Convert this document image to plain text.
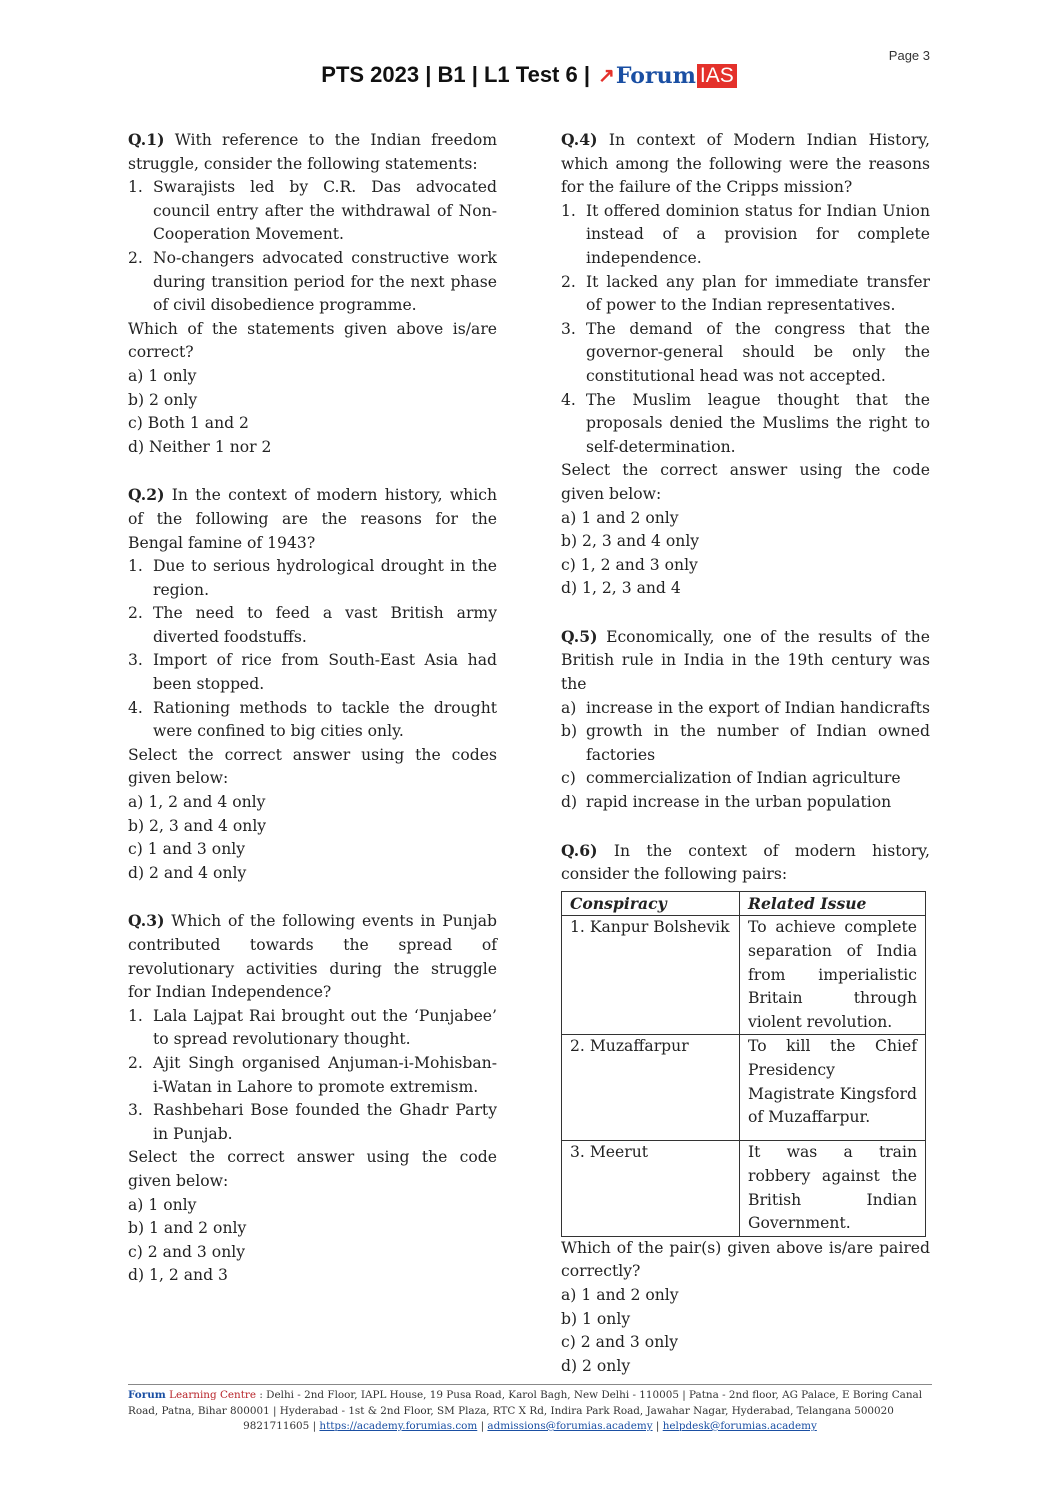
Page 3
PTS 2023 | B1 | L1 Test 6 | ↗ Forum IAS
Q.1) With reference to the Indian freedom struggle, consider the following statements:
1. Swarajists led by C.R. Das advocated council entry after the withdrawal of Non-Cooperation Movement.
2. No-changers advocated constructive work during transition period for the next phase of civil disobedience programme.
Which of the statements given above is/are correct?
a) 1 only
b) 2 only
c) Both 1 and 2
d) Neither 1 nor 2
Q.2) In the context of modern history, which of the following are the reasons for the Bengal famine of 1943?
1. Due to serious hydrological drought in the region.
2. The need to feed a vast British army diverted foodstuffs.
3. Import of rice from South-East Asia had been stopped.
4. Rationing methods to tackle the drought were confined to big cities only.
Select the correct answer using the codes given below:
a) 1, 2 and 4 only
b) 2, 3 and 4 only
c) 1 and 3 only
d) 2 and 4 only
Q.3) Which of the following events in Punjab contributed towards the spread of revolutionary activities during the struggle for Indian Independence?
1. Lala Lajpat Rai brought out the ‘Punjabee’ to spread revolutionary thought.
2. Ajit Singh organised Anjuman-i-Mohisban-i-Watan in Lahore to promote extremism.
3. Rashbehari Bose founded the Ghadr Party in Punjab.
Select the correct answer using the code given below:
a) 1 only
b) 1 and 2 only
c) 2 and 3 only
d) 1, 2 and 3
Q.4) In context of Modern Indian History, which among the following were the reasons for the failure of the Cripps mission?
1. It offered dominion status for Indian Union instead of a provision for complete independence.
2. It lacked any plan for immediate transfer of power to the Indian representatives.
3. The demand of the congress that the governor-general should be only the constitutional head was not accepted.
4. The Muslim league thought that the proposals denied the Muslims the right to self-determination.
Select the correct answer using the code given below:
a) 1 and 2 only
b) 2, 3 and 4 only
c) 1, 2 and 3 only
d) 1, 2, 3 and 4
Q.5) Economically, one of the results of the British rule in India in the 19th century was the
a) increase in the export of Indian handicrafts
b) growth in the number of Indian owned factories
c) commercialization of Indian agriculture
d) rapid increase in the urban population
Q.6) In the context of modern history, consider the following pairs:
Conspiracy	Related Issue
1. Kanpur Bolshevik	To achieve complete separation of India from imperialistic Britain through violent revolution.
2. Muzaffarpur	To kill the Chief Presidency Magistrate Kingsford of Muzaffarpur.
3. Meerut	It was a train robbery against the British Indian Government.
Which of the pair(s) given above is/are paired correctly?
a) 1 and 2 only
b) 1 only
c) 2 and 3 only
d) 2 only
Forum Learning Centre : Delhi - 2nd Floor, IAPL House, 19 Pusa Road, Karol Bagh, New Delhi - 110005 | Patna - 2nd floor, AG Palace, E Boring Canal Road, Patna, Bihar 800001 | Hyderabad - 1st & 2nd Floor, SM Plaza, RTC X Rd, Indira Park Road, Jawahar Nagar, Hyderabad, Telangana 500020
9821711605 | https://academy.forumias.com | admissions@forumias.academy | helpdesk@forumias.academy
